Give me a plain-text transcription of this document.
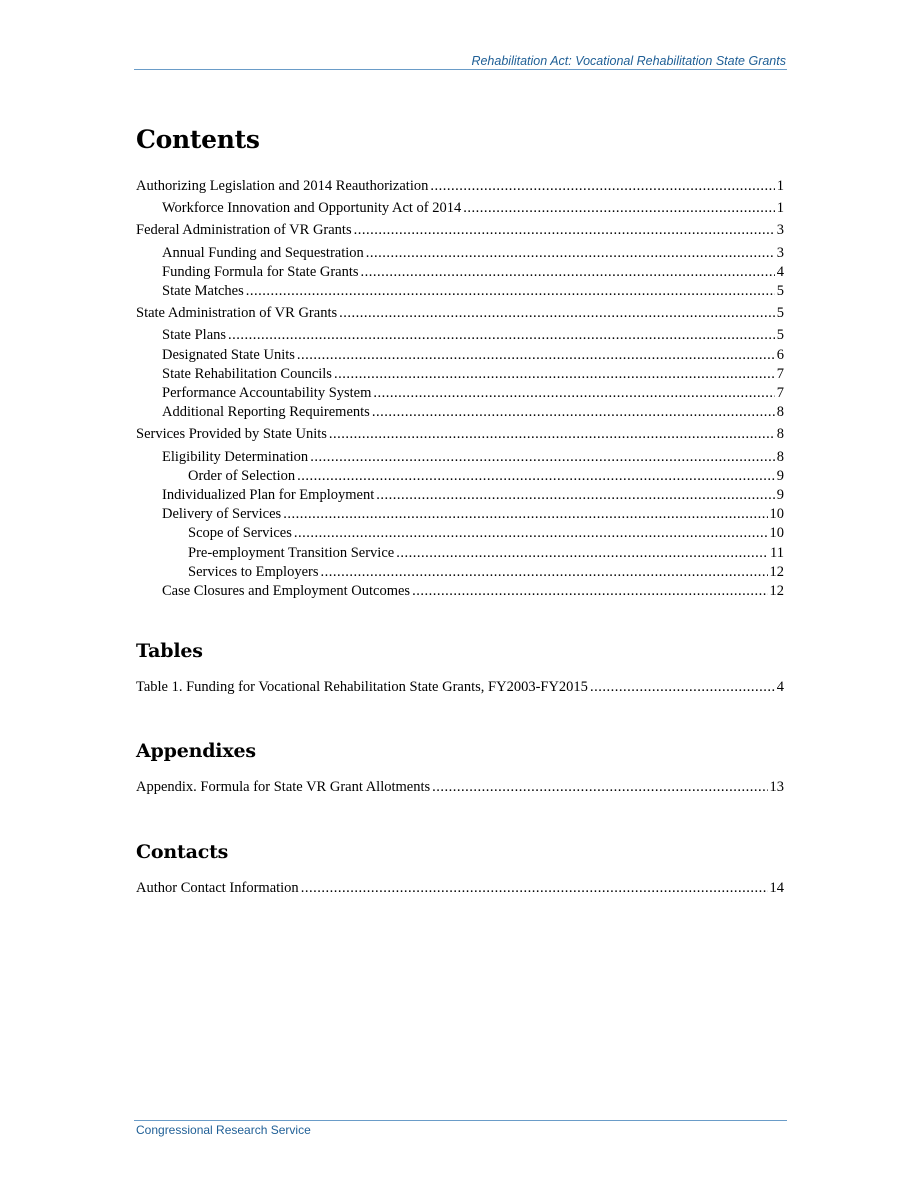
Rehabilitation Act: Vocational Rehabilitation State Grants
Contents
Authorizing Legislation and 2014 Reauthorization .....	1
Workforce Innovation and Opportunity Act of 2014 .....	1
Federal Administration of VR Grants .....	3
Annual Funding and Sequestration .....	3
Funding Formula for State Grants .....	4
State Matches .....	5
State Administration of VR Grants .....	5
State Plans .....	5
Designated State Units .....	6
State Rehabilitation Councils .....	7
Performance Accountability System .....	7
Additional Reporting Requirements .....	8
Services Provided by State Units .....	8
Eligibility Determination .....	8
Order of Selection .....	9
Individualized Plan for Employment .....	9
Delivery of Services .....	10
Scope of Services .....	10
Pre-employment Transition Service .....	11
Services to Employers .....	12
Case Closures and Employment Outcomes .....	12
Tables
Table 1. Funding for Vocational Rehabilitation State Grants, FY2003-FY2015 .....	4
Appendixes
Appendix. Formula for State VR Grant Allotments .....	13
Contacts
Author Contact Information .....	14
Congressional Research Service
